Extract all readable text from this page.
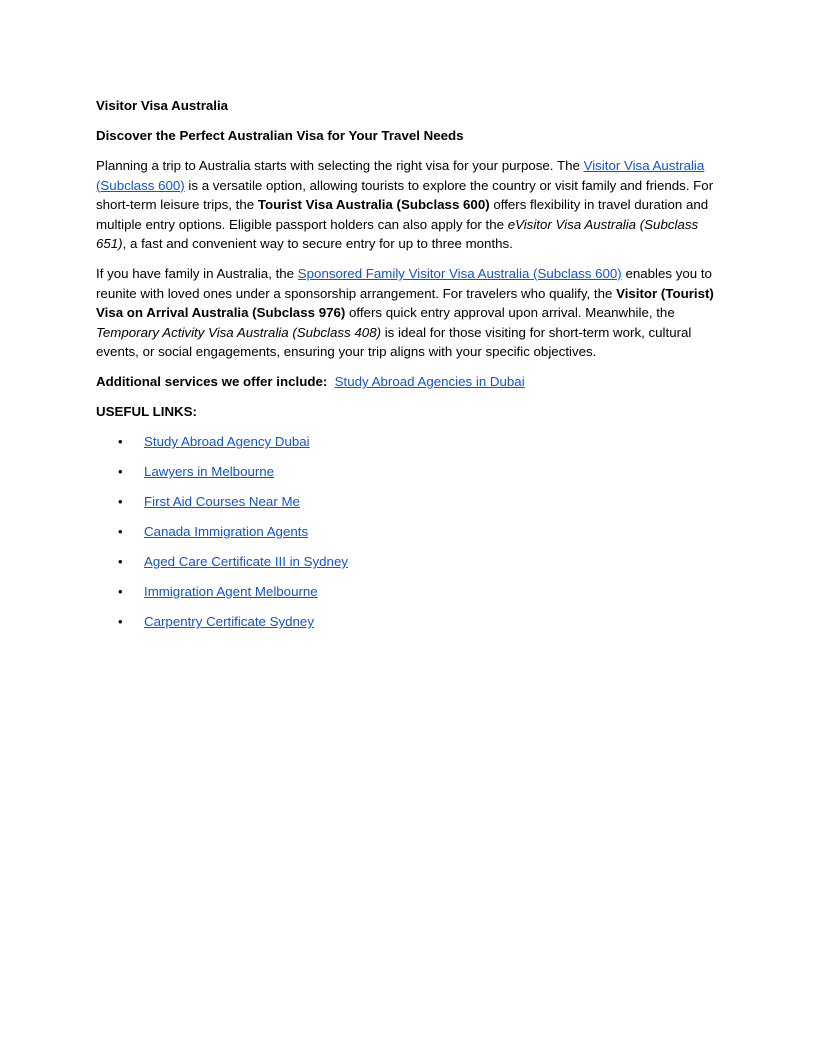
Visitor Visa Australia

Discover the Perfect Australian Visa for Your Travel Needs

Planning a trip to Australia starts with selecting the right visa for your purpose. The Visitor Visa Australia (Subclass 600) is a versatile option, allowing tourists to explore the country or visit family and friends. For short-term leisure trips, the Tourist Visa Australia (Subclass 600) offers flexibility in travel duration and multiple entry options. Eligible passport holders can also apply for the eVisitor Visa Australia (Subclass 651), a fast and convenient way to secure entry for up to three months.

If you have family in Australia, the Sponsored Family Visitor Visa Australia (Subclass 600) enables you to reunite with loved ones under a sponsorship arrangement. For travelers who qualify, the Visitor (Tourist) Visa on Arrival Australia (Subclass 976) offers quick entry approval upon arrival. Meanwhile, the Temporary Activity Visa Australia (Subclass 408) is ideal for those visiting for short-term work, cultural events, or social engagements, ensuring your trip aligns with your specific objectives.

Additional services we offer include: Study Abroad Agencies in Dubai

USEFUL LINKS:

• Study Abroad Agency Dubai
• Lawyers in Melbourne
• First Aid Courses Near Me
• Canada Immigration Agents
• Aged Care Certificate III in Sydney
• Immigration Agent Melbourne
• Carpentry Certificate Sydney
